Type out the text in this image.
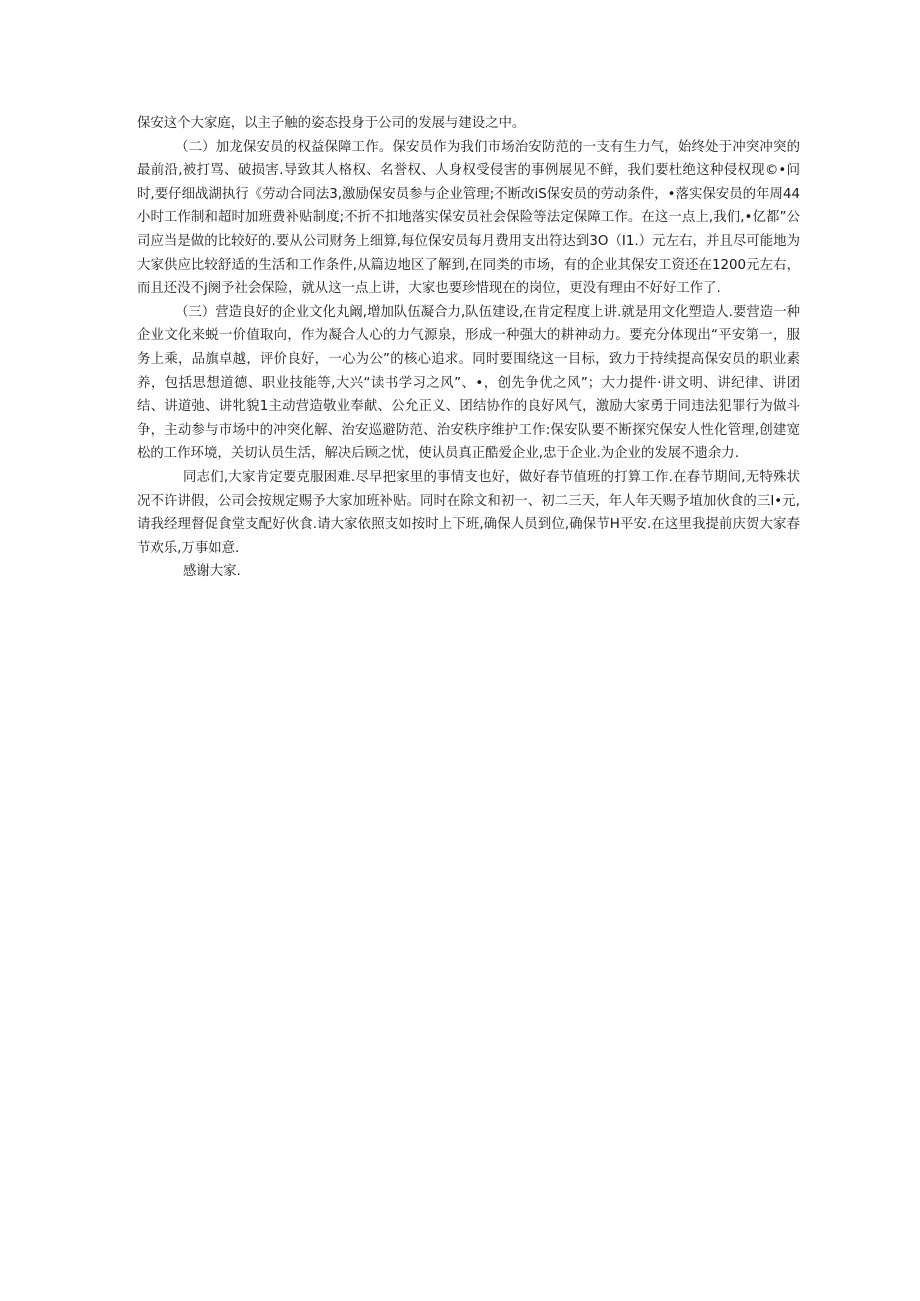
保安这个大家庭，以主子触的姿态投身于公司的发展与建设之中。

（二）加龙保安员的权益保障工作。保安员作为我们市场治安防范的一支有生力气，始终处于冲突冲突的最前沿,被打骂、破损害.导致其人格权、名誉权、人身权受侵害的事例展见不鲜，我们要杜绝这种侵权现©•问时,要仔细战湖执行《劳动合同法3,激励保安员参与企业管理;不断改iS保安员的劳动条件，•落实保安员的年周44小时工作制和超时加班费补贴制度;不折不扣地落实保安员社会保险等法定保障工作。在这一点上,我们,•亿都”公司应当是做的比较好的.要从公司财务上细算,每位保安员每月费用支出符达到3O（I1.）元左右，并且尽可能地为大家供应比较舒适的生活和工作条件,从篇边地区了解到,在同类的市场，有的企业其保安工资还在1200元左右，而且还没不j阕予社会保险，就从这一点上讲，大家也要珍惜现在的岗位，更没有理由不好好工作了.

（三）营造良好的企业文化丸阚,增加队伍凝合力,队伍建设,在肯定程度上讲.就是用文化塑造人.要营造一种企业文化来蜕一价值取向，作为凝合人心的力气源泉，形成一种强大的耕神动力。要充分体现出“平安第一，服务上乘，品旗卓越，评价良好，一心为公”的核心追求。同时要围绕这一目标，致力于持续提高保安员的职业素养，包括思想道德、职业技能等,大兴“读书学习之风”、•，创先争优之风”；大力提件·讲文明、讲纪律、讲团结、讲道弛、讲牝貌1主动营造敬业奉献、公允正义、团结协作的良好风气，激励大家勇于同违法犯罪行为做斗争，主动参与市场中的冲突化解、治安巡避防范、治安秩序维护工作:保安队要不断探究保安人性化管理,创建宽松的工作环境，关切认员生活，解决后顾之忧，使认员真正酷爱企业,忠于企业.为企业的发展不遗余力.

同志们,大家肯定要克服困难.尽早把家里的事情支也好，做好春节值班的打算工作.在春节期间,无特殊状况不许讲假，公司会按规定赐予大家加班补贴。同时在除文和初一、初二三天，年人年天赐予埴加伙食的三I•元,请我经理督促食堂支配好伙食.请大家依照支如按时上下班,确保人员到位,确保节H平安.在这里我提前庆贺大家春节欢乐,万事如意.

感谢大家.
